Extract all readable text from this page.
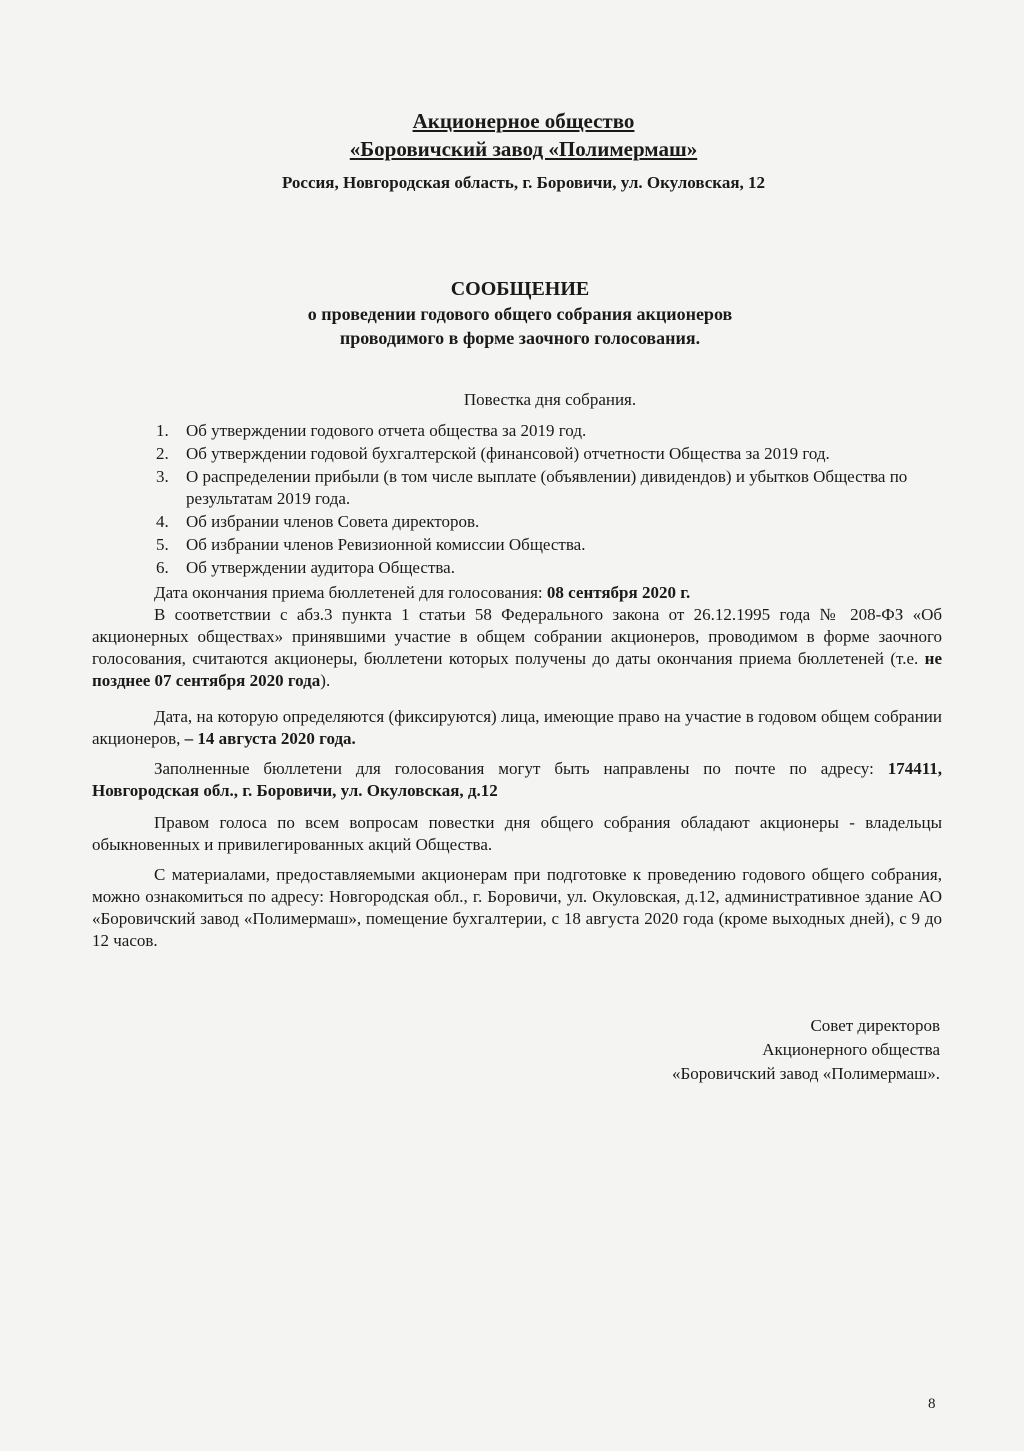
Акционерное общество
«Боровичский завод «Полимермаш»
Россия, Новгородская область, г. Боровичи, ул. Окуловская, 12
СООБЩЕНИЕ
о проведении годового общего собрания акционеров
проводимого в форме заочного голосования.
Повестка дня собрания.
1. Об утверждении годового отчета общества за 2019 год.
2. Об утверждении годовой бухгалтерской (финансовой) отчетности Общества за 2019 год.
3. О распределении прибыли (в том числе выплате (объявлении) дивидендов) и убытков Общества по результатам 2019 года.
4. Об избрании членов Совета директоров.
5. Об избрании членов Ревизионной комиссии Общества.
6. Об утверждении аудитора Общества.
Дата окончания приема бюллетеней для голосования: 08 сентября 2020 г.
В соответствии с абз.3 пункта 1 статьи 58 Федерального закона от 26.12.1995 года № 208-ФЗ «Об акционерных обществах» принявшими участие в общем собрании акционеров, проводимом в форме заочного голосования, считаются акционеры, бюллетени которых получены до даты окончания приема бюллетеней (т.е. не позднее 07 сентября 2020 года).
Дата, на которую определяются (фиксируются) лица, имеющие право на участие в годовом общем собрании акционеров, – 14 августа 2020 года.
Заполненные бюллетени для голосования могут быть направлены по почте по адресу: 174411, Новгородская обл., г. Боровичи, ул. Окуловская, д.12
Правом голоса по всем вопросам повестки дня общего собрания обладают акционеры - владельцы обыкновенных и привилегированных акций Общества.
С материалами, предоставляемыми акционерам при подготовке к проведению годового общего собрания, можно ознакомиться по адресу: Новгородская обл., г. Боровичи, ул. Окуловская, д.12, административное здание АО «Боровичский завод «Полимермаш», помещение бухгалтерии, с 18 августа 2020 года (кроме выходных дней), с 9 до 12 часов.
Совет директоров
Акционерного общества
«Боровичский завод «Полимермаш».
8
